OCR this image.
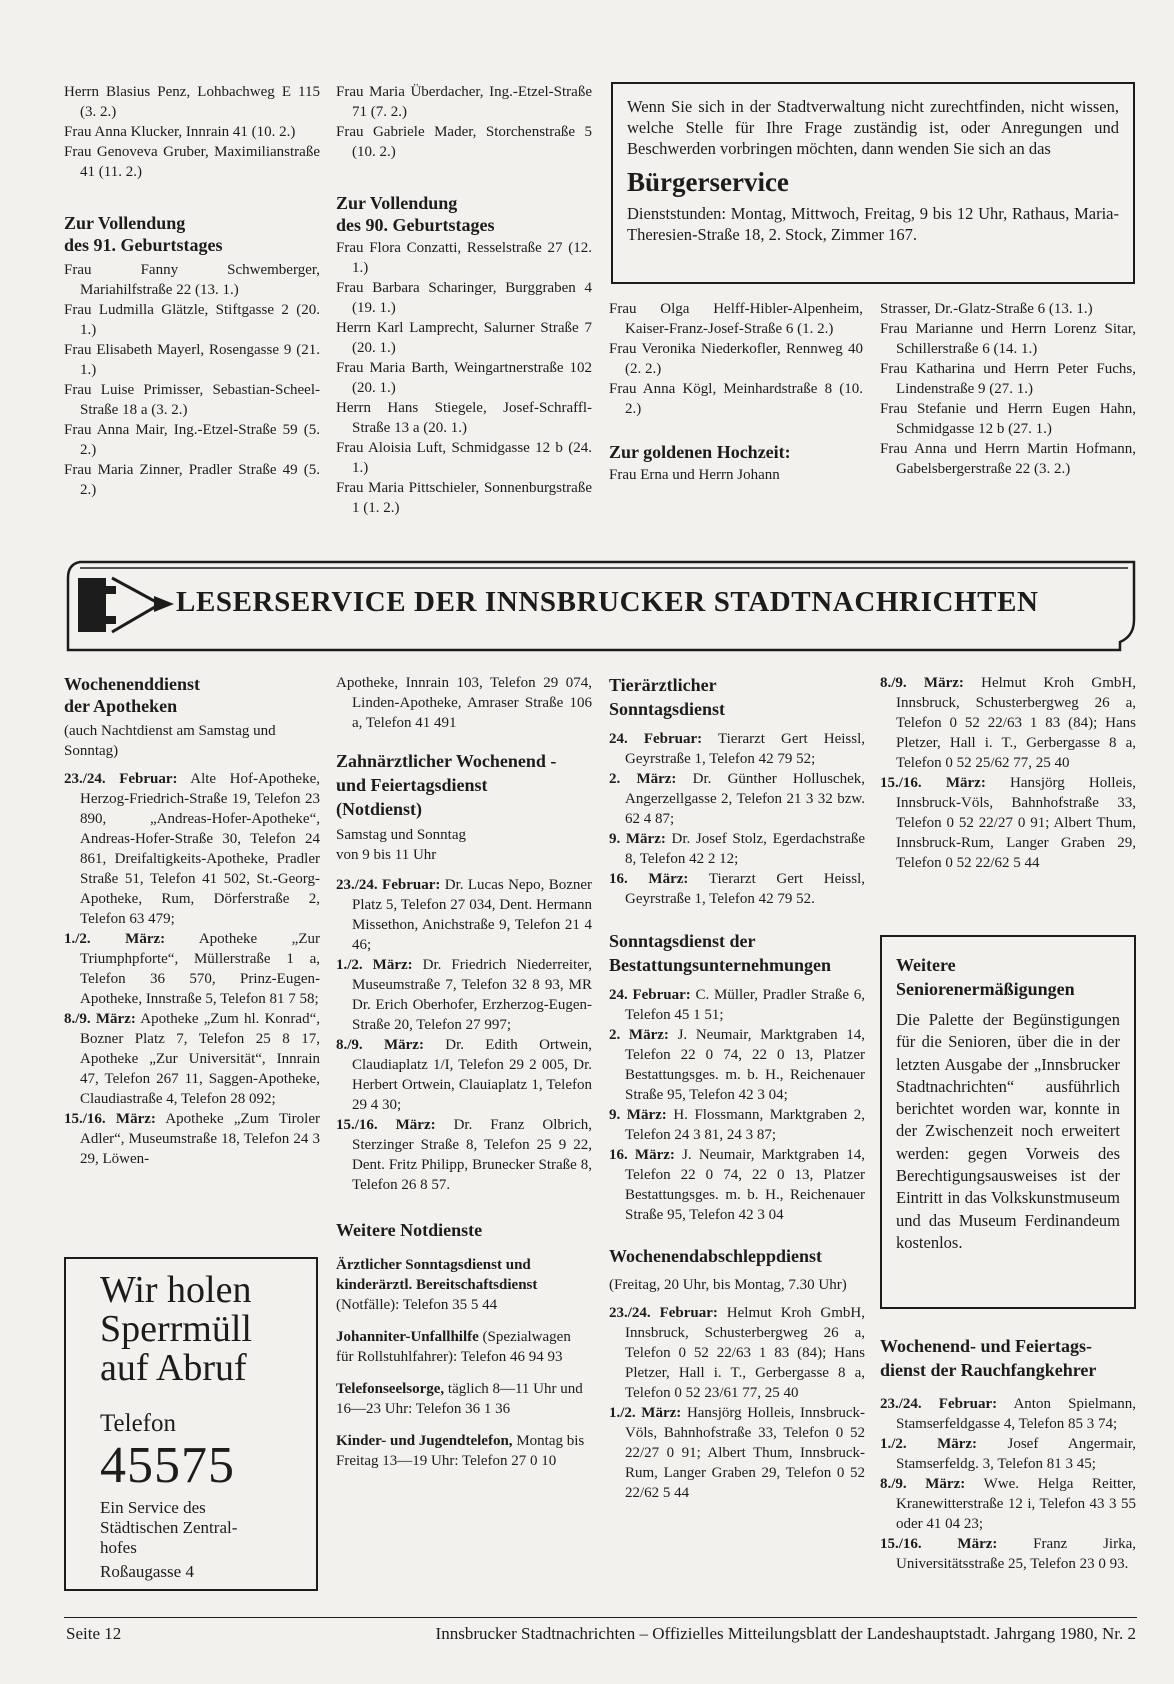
Herrn Blasius Penz, Lohbachweg E 115 (3. 2.)

Frau Anna Klucker, Innrain 41 (10. 2.)

Frau Genoveva Gruber, Maximilianstraße 41 (11. 2.)

Zur Vollendung

des 91. Geburtstages

Frau Fanny Schwemberger, Mariahilfstraße 22 (13. 1.)

Frau Ludmilla Glätzle, Stiftgasse 2 (20. 1.)

Frau Elisabeth Mayerl, Rosengasse 9 (21. 1.)

Frau Luise Primisser, Sebastian-Scheel-Straße 18 a (3. 2.)

Frau Anna Mair, Ing.-Etzel-Straße 59 (5. 2.)

Frau Maria Zinner, Pradler Straße 49 (5. 2.)

Frau Maria Überdacher, Ing.-Etzel-Straße 71 (7. 2.)

Frau Gabriele Mader, Storchenstraße 5 (10. 2.)

Zur Vollendung

des 90. Geburtstages

Frau Flora Conzatti, Resselstraße 27 (12. 1.)

Frau Barbara Scharinger, Burggraben 4 (19. 1.)

Herrn Karl Lamprecht, Salurner Straße 7 (20. 1.)

Frau Maria Barth, Weingartnerstraße 102 (20. 1.)

Herrn Hans Stiegele, Josef-Schraffl-Straße 13 a (20. 1.)

Frau Aloisia Luft, Schmidgasse 12 b (24. 1.)

Frau Maria Pittschieler, Sonnenburgstraße 1 (1. 2.)

Wenn Sie sich in der Stadtverwaltung nicht zurechtfinden, nicht wissen, welche Stelle für Ihre Frage zuständig ist, oder Anregungen und Beschwerden vorbringen möchten, dann wenden Sie sich an das

Bürgerservice

Dienststunden: Montag, Mittwoch, Freitag, 9 bis 12 Uhr, Rathaus, Maria-Theresien-Straße 18, 2. Stock, Zimmer 167.

Frau Olga Helff-Hibler-Alpenheim, Kaiser-Franz-Josef-Straße 6 (1. 2.)

Frau Veronika Niederkofler, Rennweg 40 (2. 2.)

Frau Anna Kögl, Meinhardstraße 8 (10. 2.)

Zur goldenen Hochzeit:

Frau Erna und Herrn Johann

Strasser, Dr.-Glatz-Straße 6 (13. 1.)

Frau Marianne und Herrn Lorenz Sitar, Schillerstraße 6 (14. 1.)

Frau Katharina und Herrn Peter Fuchs, Lindenstraße 9 (27. 1.)

Frau Stefanie und Herrn Eugen Hahn, Schmidgasse 12 b (27. 1.)

Frau Anna und Herrn Martin Hofmann, Gabelsbergerstraße 22 (3. 2.)

LESERSERVICE DER INNSBRUCKER STADTNACHRICHTEN

Wochenenddienst

der Apotheken

(auch Nachtdienst am Samstag und Sonntag)

23./24. Februar: Alte Hof-Apotheke, Herzog-Friedrich-Straße 19, Telefon 23 890, „Andreas-Hofer-Apotheke“, Andreas-Hofer-Straße 30, Telefon 24 861, Dreifaltigkeits-Apotheke, Pradler Straße 51, Telefon 41 502, St.-Georg-Apotheke, Rum, Dörferstraße 2, Telefon 63 479;

1./2. März: Apotheke „Zur Triumphpforte“, Müllerstraße 1 a, Telefon 36 570, Prinz-Eugen-Apotheke, Innstraße 5, Telefon 81 7 58;

8./9. März: Apotheke „Zum hl. Konrad“, Bozner Platz 7, Telefon 25 8 17, Apotheke „Zur Universität“, Innrain 47, Telefon 267 11, Saggen-Apotheke, Claudiastraße 4, Telefon 28 092;

15./16. März: Apotheke „Zum Tiroler Adler“, Museumstraße 18, Telefon 24 3 29, Löwen-

Wir holen
Sperrmüll
auf Abruf
Telefon
45575
Ein Service des
Städtischen Zentral-
hofes
Roßaugasse 4

Apotheke, Innrain 103, Telefon 29 074, Linden-Apotheke, Amraser Straße 106 a, Telefon 41 491

Zahnärztlicher Wochenend -

und Feiertagsdienst

(Notdienst)

Samstag und Sonntag

von 9 bis 11 Uhr

23./24. Februar: Dr. Lucas Nepo, Bozner Platz 5, Telefon 27 034, Dent. Hermann Missethon, Anichstraße 9, Telefon 21 4 46;

1./2. März: Dr. Friedrich Niederreiter, Museumstraße 7, Telefon 32 8 93, MR Dr. Erich Oberhofer, Erzherzog-Eugen-Straße 20, Telefon 27 997;

8./9. März: Dr. Edith Ortwein, Claudiaplatz 1/I, Telefon 29 2 005, Dr. Herbert Ortwein, Clauiaplatz 1, Telefon 29 4 30;

15./16. März: Dr. Franz Olbrich, Sterzinger Straße 8, Telefon 25 9 22, Dent. Fritz Philipp, Brunecker Straße 8, Telefon 26 8 57.

Weitere Notdienste

Ärztlicher Sonntagsdienst und kinderärztl. Bereitschaftsdienst (Notfälle): Telefon 35 5 44

Johanniter-Unfallhilfe (Spezialwagen für Rollstuhlfahrer): Telefon 46 94 93

Telefonseelsorge, täglich 8—11 Uhr und 16—23 Uhr: Telefon 36 1 36

Kinder- und Jugendtelefon, Montag bis Freitag 13—19 Uhr: Telefon 27 0 10

Tierärztlicher

Sonntagsdienst

24. Februar: Tierarzt Gert Heissl, Geyrstraße 1, Telefon 42 79 52;

2. März: Dr. Günther Holluschek, Angerzellgasse 2, Telefon 21 3 32 bzw. 62 4 87;

9. März: Dr. Josef Stolz, Egerdachstraße 8, Telefon 42 2 12;

16. März: Tierarzt Gert Heissl, Geyrstraße 1, Telefon 42 79 52.

Sonntagsdienst der

Bestattungsunternehmungen

24. Februar: C. Müller, Pradler Straße 6, Telefon 45 1 51;

2. März: J. Neumair, Marktgraben 14, Telefon 22 0 74, 22 0 13, Platzer Bestattungsges. m. b. H., Reichenauer Straße 95, Telefon 42 3 04;

9. März: H. Flossmann, Marktgraben 2, Telefon 24 3 81, 24 3 87;

16. März: J. Neumair, Marktgraben 14, Telefon 22 0 74, 22 0 13, Platzer Bestattungsges. m. b. H., Reichenauer Straße 95, Telefon 42 3 04

Wochenendabschleppdienst

(Freitag, 20 Uhr, bis Montag, 7.30 Uhr)

23./24. Februar: Helmut Kroh GmbH, Innsbruck, Schusterbergweg 26 a, Telefon 0 52 22/63 1 83 (84); Hans Pletzer, Hall i. T., Gerbergasse 8 a, Telefon 0 52 23/61 77, 25 40

1./2. März: Hansjörg Holleis, Innsbruck-Völs, Bahnhofstraße 33, Telefon 0 52 22/27 0 91; Albert Thum, Innsbruck-Rum, Langer Graben 29, Telefon 0 52 22/62 5 44

8./9. März: Helmut Kroh GmbH, Innsbruck, Schusterbergweg 26 a, Telefon 0 52 22/63 1 83 (84); Hans Pletzer, Hall i. T., Gerbergasse 8 a, Telefon 0 52 25/62 77, 25 40

15./16. März: Hansjörg Holleis, Innsbruck-Völs, Bahnhofstraße 33, Telefon 0 52 22/27 0 91; Albert Thum, Innsbruck-Rum, Langer Graben 29, Telefon 0 52 22/62 5 44

Weitere

Seniorenermäßigungen

Die Palette der Begünstigungen für die Senioren, über die in der letzten Ausgabe der „Innsbrucker Stadtnachrichten“ ausführlich berichtet worden war, konnte in der Zwischenzeit noch erweitert werden: gegen Vorweis des Berechtigungsausweises ist der Eintritt in das Volkskunstmuseum und das Museum Ferdinandeum kostenlos.

Wochenend- und Feiertags-

dienst der Rauchfangkehrer

23./24. Februar: Anton Spielmann, Stamserfeldgasse 4, Telefon 85 3 74;

1./2. März: Josef Angermair, Stamserfeldg. 3, Telefon 81 3 45;

8./9. März: Wwe. Helga Reitter, Kranewitterstraße 12 i, Telefon 43 3 55 oder 41 04 23;

15./16. März: Franz Jirka, Universitätsstraße 25, Telefon 23 0 93.

Seite 12	Innsbrucker Stadtnachrichten – Offizielles Mitteilungsblatt der Landeshauptstadt. Jahrgang 1980, Nr. 2
